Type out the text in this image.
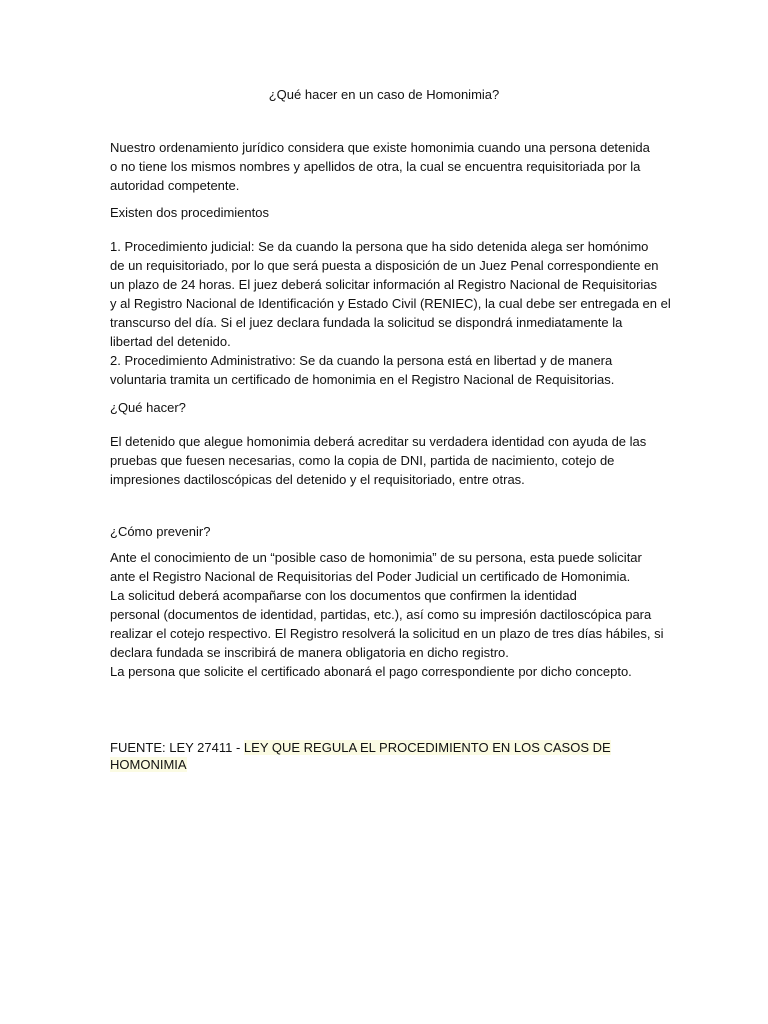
¿Qué hacer en un caso de Homonimia?

Nuestro ordenamiento jurídico considera que existe homonimia cuando una persona detenida
o no tiene los mismos nombres y apellidos de otra, la cual se encuentra requisitoriada por la
autoridad competente.

Existen dos procedimientos

1. Procedimiento judicial: Se da cuando la persona que ha sido detenida alega ser homónimo
de un requisitoriado, por lo que será puesta a disposición de un Juez Penal correspondiente en
un plazo de 24 horas. El juez deberá solicitar información al Registro Nacional de Requisitorias
y al Registro Nacional de Identificación y Estado Civil (RENIEC), la cual debe ser entregada en el
transcurso del día. Si el juez declara fundada la solicitud se dispondrá inmediatamente la
libertad del detenido.

2. Procedimiento Administrativo: Se da cuando la persona está en libertad y de manera
voluntaria tramita un certificado de homonimia en el Registro Nacional de Requisitorias.

¿Qué hacer?

El detenido que alegue homonimia deberá acreditar su verdadera identidad con ayuda de las
pruebas que fuesen necesarias, como la copia de DNI, partida de nacimiento, cotejo de
impresiones dactiloscópicas del detenido y el requisitoriado, entre otras.

¿Cómo prevenir?

Ante el conocimiento de un “posible caso de homonimia” de su persona, esta puede solicitar
ante el Registro Nacional de Requisitorias del Poder Judicial un certificado de Homonimia.
La solicitud deberá acompañarse con los documentos que confirmen la identidad
personal (documentos de identidad, partidas, etc.), así como su impresión dactiloscópica para
realizar el cotejo respectivo. El Registro resolverá la solicitud en un plazo de tres días hábiles, si
declara fundada se inscribirá de manera obligatoria en dicho registro.
La persona que solicite el certificado abonará el pago correspondiente por dicho concepto.

FUENTE: LEY 27411 - LEY QUE REGULA EL PROCEDIMIENTO EN LOS CASOS DE
HOMONIMIA
